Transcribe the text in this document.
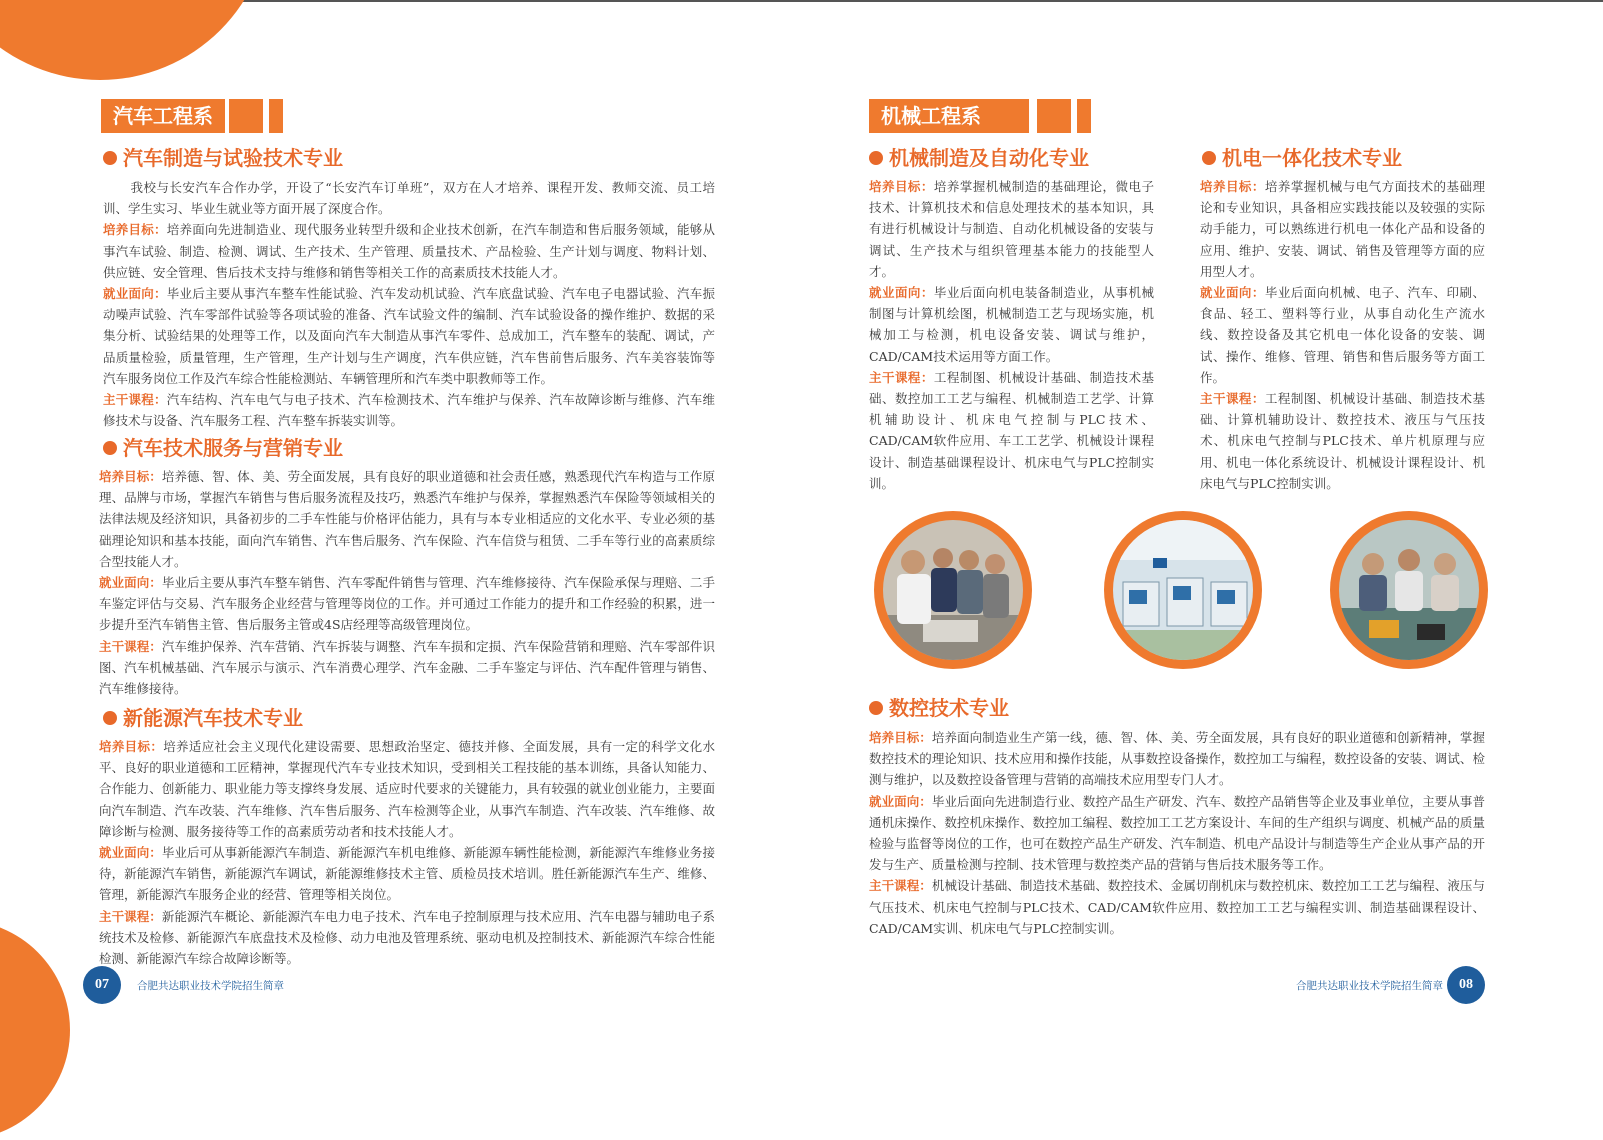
汽车工程系
汽车制造与试验技术专业

我校与长安汽车合作办学，开设了“长安汽车订单班”，双方在人才培养、课程开发、教师交流、员工培训、学生实习、毕业生就业等方面开展了深度合作。

培养目标：培养面向先进制造业、现代服务业转型升级和企业技术创新，在汽车制造和售后服务领域，能够从事汽车试验、制造、检测、调试、生产技术、生产管理、质量技术、产品检验、生产计划与调度、物料计划、供应链、安全管理、售后技术支持与维修和销售等相关工作的高素质技术技能人才。

就业面向：毕业后主要从事汽车整车性能试验、汽车发动机试验、汽车底盘试验、汽车电子电器试验、汽车振动噪声试验、汽车零部件试验等各项试验的准备、汽车试验文件的编制、汽车试验设备的操作维护、数据的采集分析、试验结果的处理等工作，以及面向汽车大制造从事汽车零件、总成加工，汽车整车的装配、调试，产品质量检验，质量管理，生产管理，生产计划与生产调度，汽车供应链，汽车售前售后服务、汽车美容装饰等汽车服务岗位工作及汽车综合性能检测站、车辆管理所和汽车类中职教师等工作。

主干课程：汽车结构、汽车电气与电子技术、汽车检测技术、汽车维护与保养、汽车故障诊断与维修、汽车维修技术与设备、汽车服务工程、汽车整车拆装实训等。

汽车技术服务与营销专业

培养目标：培养德、智、体、美、劳全面发展，具有良好的职业道德和社会责任感，熟悉现代汽车构造与工作原理、品牌与市场，掌握汽车销售与售后服务流程及技巧，熟悉汽车维护与保养，掌握熟悉汽车保险等领域相关的法律法规及经济知识，具备初步的二手车性能与价格评估能力，具有与本专业相适应的文化水平、专业必须的基础理论知识和基本技能，面向汽车销售、汽车售后服务、汽车保险、汽车信贷与租赁、二手车等行业的高素质综合型技能人才。

就业面向：毕业后主要从事汽车整车销售、汽车零配件销售与管理、汽车维修接待、汽车保险承保与理赔、二手车鉴定评估与交易、汽车服务企业经营与管理等岗位的工作。并可通过工作能力的提升和工作经验的积累，进一步提升至汽车销售主管、售后服务主管或4S店经理等高级管理岗位。

主干课程：汽车维护保养、汽车营销、汽车拆装与调整、汽车车损和定损、汽车保险营销和理赔、汽车零部件识图、汽车机械基础、汽车展示与演示、汽车消费心理学、汽车金融、二手车鉴定与评估、汽车配件管理与销售、汽车维修接待。

新能源汽车技术专业

培养目标：培养适应社会主义现代化建设需要、思想政治坚定、德技并修、全面发展，具有一定的科学文化水平、良好的职业道德和工匠精神，掌握现代汽车专业技术知识，受到相关工程技能的基本训练，具备认知能力、合作能力、创新能力、职业能力等支撑终身发展、适应时代要求的关键能力，具有较强的就业创业能力，主要面向汽车制造、汽车改装、汽车维修、汽车售后服务、汽车检测等企业，从事汽车制造、汽车改装、汽车维修、故障诊断与检测、服务接待等工作的高素质劳动者和技术技能人才。

就业面向：毕业后可从事新能源汽车制造、新能源汽车机电维修、新能源车辆性能检测，新能源汽车维修业务接待，新能源汽车销售，新能源汽车调试，新能源维修技术主管、质检员技术培训。胜任新能源汽车生产、维修、管理，新能源汽车服务企业的经营、管理等相关岗位。

主干课程：新能源汽车概论、新能源汽车电力电子技术、汽车电子控制原理与技术应用、汽车电器与辅助电子系统技术及检修、新能源汽车底盘技术及检修、动力电池及管理系统、驱动电机及控制技术、新能源汽车综合性能检测、新能源汽车综合故障诊断等。

07	合肥共达职业技术学院招生简章
机械工程系
机械制造及自动化专业

培养目标：培养掌握机械制造的基础理论，微电子技术、计算机技术和信息处理技术的基本知识，具有进行机械设计与制造、自动化机械设备的安装与调试、生产技术与组织管理基本能力的技能型人才。

就业面向：毕业后面向机电装备制造业，从事机械制图与计算机绘图，机械制造工艺与现场实施，机械加工与检测，机电设备安装、调试与维护，CAD/CAM技术运用等方面工作。

主干课程：工程制图、机械设计基础、制造技术基础、数控加工工艺与编程、机械制造工艺学、计算机辅助设计、机床电气控制与PLC技术、CAD/CAM软件应用、车工工艺学、机械设计课程设计、制造基础课程设计、机床电气与PLC控制实训。

机电一体化技术专业

培养目标：培养掌握机械与电气方面技术的基础理论和专业知识，具备相应实践技能以及较强的实际动手能力，可以熟练进行机电一体化产品和设备的应用、维护、安装、调试、销售及管理等方面的应用型人才。

就业面向：毕业后面向机械、电子、汽车、印刷、食品、轻工、塑料等行业，从事自动化生产流水线、数控设备及其它机电一体化设备的安装、调试、操作、维修、管理、销售和售后服务等方面工作。

主干课程：工程制图、机械设计基础、制造技术基础、计算机辅助设计、数控技术、液压与气压技术、机床电气控制与PLC技术、单片机原理与应用、机电一体化系统设计、机械设计课程设计、机床电气与PLC控制实训。

数控技术专业

培养目标：培养面向制造业生产第一线，德、智、体、美、劳全面发展，具有良好的职业道德和创新精神，掌握数控技术的理论知识、技术应用和操作技能，从事数控设备操作，数控加工与编程，数控设备的安装、调试、检测与维护，以及数控设备管理与营销的高端技术应用型专门人才。

就业面向：毕业后面向先进制造行业、数控产品生产研发、汽车、数控产品销售等企业及事业单位，主要从事普通机床操作、数控机床操作、数控加工编程、数控加工工艺方案设计、车间的生产组织与调度、机械产品的质量检验与监督等岗位的工作，也可在数控产品生产研发、汽车制造、机电产品设计与制造等生产企业从事产品的开发与生产、质量检测与控制、技术管理与数控类产品的营销与售后技术服务等工作。

主干课程：机械设计基础、制造技术基础、数控技术、金属切削机床与数控机床、数控加工工艺与编程、液压与气压技术、机床电气控制与PLC技术、CAD/CAM软件应用、数控加工工艺与编程实训、制造基础课程设计、CAD/CAM实训、机床电气与PLC控制实训。

合肥共达职业技术学院招生简章	08
